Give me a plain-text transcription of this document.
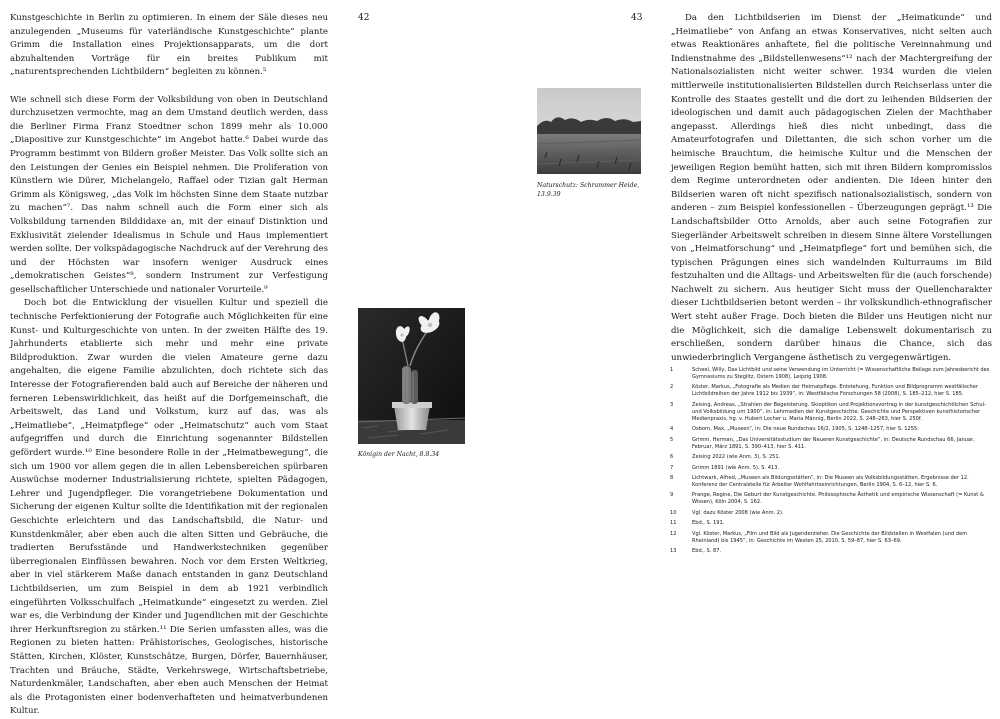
Kunstgeschichte in Berlin zu optimieren. In einem der Säle dieses neu anzulegenden „Museums für vaterländische Kunstgeschichte“ plante Grimm die Installation eines Projektionsapparats, um die dort abzuhaltenden Vorträge für ein breites Publikum mit „naturentsprechenden Lichtbildern“ begleiten zu können.⁵

Wie schnell sich diese Form der Volksbildung von oben in Deutschland durchzusetzen vermochte, mag an dem Umstand deutlich werden, dass die Berliner Firma Franz Stoedtner schon 1899 mehr als 10.000 „Diapositive zur Kunstgeschichte“ im Angebot hatte.⁶ Dabei wurde das Programm bestimmt von Bildern großer Meister. Das Volk sollte sich an den Leistungen der Genies ein Beispiel nehmen. Die Proliferation von Künstlern wie Dürer, Michelangelo, Raffael oder Tizian galt Herman Grimm als Königsweg, „das Volk im höchsten Sinne dem Staate nutzbar zu machen“⁷. Das nahm schnell auch die Form einer sich als Volksbildung tarnenden Bilddidaxe an, mit der einauf Distinktion und Exklusivität zielender Idealismus in Schule und Haus implementiert werden sollte. Der volkspädagogische Nachdruck auf der Verehrung des und der Höchsten war insofern weniger Ausdruck eines „demokratischen Geistes“⁸, sondern Instrument zur Verfestigung gesellschaftlicher Unterschiede und nationaler Vorurteile.⁹

Doch bot die Entwicklung der visuellen Kultur und speziell die technische Perfektionierung der Fotografie auch Möglichkeiten für eine Kunst- und Kulturgeschichte von unten. In der zweiten Hälfte des 19. Jahrhunderts etablierte sich mehr und mehr eine private Bildproduktion. Zwar wurden die vielen Amateure gerne dazu angehalten, die eigene Familie abzulichten, doch richtete sich das Interesse der Fotografierenden bald auch auf Bereiche der näheren und ferneren Lebenswirklichkeit, das heißt auf die Dorfgemeinschaft, die Arbeitswelt, das Land und Volkstum, kurz auf das, was als „Heimatliebe“, „Heimatpflege“ oder „Heimatschutz“ auch vom Staat aufgegriffen und durch die Einrichtung sogenannter Bildstellen gefördert wurde.¹⁰ Eine besondere Rolle in der „Heimatbewegung“, die sich um 1900 vor allem gegen die in allen Lebensbereichen spürbaren Auswüchse moderner Industrialisierung richtete, spielten Pädagogen, Lehrer und Jugendpfleger. Die vorangetriebene Dokumentation und Sicherung der eigenen Kultur sollte die Identifikation mit der regionalen Geschichte erleichtern und das Landschaftsbild, die Natur- und Kunstdenkmäler, aber eben auch die alten Sitten und Gebräuche, die tradierten Berufsstände und Handwerkstechniken gegenüber überregionalen Einflüssen bewahren. Noch vor dem Ersten Weltkrieg, aber in viel stärkerem Maße danach entstanden in ganz Deutschland Lichtbildserien, um zum Beispiel in dem ab 1921 verbindlich eingeführten Volksschulfach „Heimatkunde“ eingesetzt zu werden. Ziel war es, die Verbindung der Kinder und Jugendlichen mit der Geschichte ihrer Herkunftsregion zu stärken.¹¹ Die Serien umfassten alles, was die Regionen zu bieten hatten: Prähistorisches, Geologisches, historische Stätten, Kirchen, Klöster, Kunstschätze, Burgen, Dörfer, Bauernhäuser, Trachten und Bräuche, Städte, Verkehrswege, Wirtschaftsbetriebe, Naturdenkmäler, Landschaften, aber eben auch Menschen der Heimat als die Protagonisten einer bodenverhafteten und heimatverbundenen Kultur.

42
Königin der Nacht, 8.8.34
43
Naturschutz: Schrammer Heide, 13.9.39

Da den Lichtbildserien im Dienst der „Heimatkunde“ und „Heimatliebe“ von Anfang an etwas Konservatives, nicht selten auch etwas Reaktionäres anhaftete, fiel die politische Vereinnahmung und Indienstnahme des „Bildstellenwesens“¹² nach der Machtergreifung der Nationalsozialisten nicht weiter schwer. 1934 wurden die vielen mittlerweile institutionalisierten Bildstellen durch Reichserlass unter die Kontrolle des Staates gestellt und die dort zu leihenden Bildserien der ideologischen und damit auch pädagogischen Zielen der Machthaber angepasst. Allerdings hieß dies nicht unbedingt, dass die Amateurfotografen und Dilettanten, die sich schon vorher um die heimische Brauchtum, die heimische Kultur und die Menschen der jeweiligen Region bemüht hatten, sich mit ihren Bildern kompromisslos dem Regime unterordneten oder andienten. Die Ideen hinter den Bildserien waren oft nicht spezifisch nationalsozialistisch, sondern von anderen – zum Beispiel konfessionellen – Überzeugungen geprägt.¹³ Die Landschaftsbilder Otto Arnolds, aber auch seine Fotografien zur Siegerländer Arbeitswelt schreiben in diesem Sinne ältere Vorstellungen von „Heimatforschung“ und „Heimatpflege“ fort und bemühen sich, die typischen Prägungen eines sich wandelnden Kulturraums im Bild festzuhalten und die Alltags- und Arbeitswelten für die (auch forschende) Nachwelt zu sichern. Aus heutiger Sicht muss der Quellencharakter dieser Lichtbildserien betont werden – ihr volkskundlich-ethnografischer Wert steht außer Frage. Doch bieten die Bilder uns Heutigen nicht nur die Möglichkeit, sich die damalige Lebenswelt dokumentarisch zu erschließen, sondern darüber hinaus die Chance, sich das unwiederbringlich Vergangene ästhetisch zu vergegenwärtigen.

1	Scheel, Willy, Das Lichtbild und seine Verwendung im Unterricht (= Wissenschaftliche Beilage zum Jahresbericht des Gymnasiums zu Steglitz, Ostern 1908), Leipzig 1908.
2	Köster, Markus, „Fotografie als Medien der Heimatpflege. Entstehung, Funktion und Bildprogramm westfälischer Lichtbildreihen der Jahre 1912 bis 1939“, in: Westfälische Forschungen 58 (2008), S. 185–212, hier S. 185.
3	Zeising, Andreas, „Strahlen der Begeisterung. Skioptikon und Projektionsvortrag in der kunstgeschichtlichen Schul- und Volksbildung um 1900“, in: Lehrmedien der Kunstgeschichte. Geschichte und Perspektiven kunsthistorischer Medienpraxis, hg. v. Hubert Locher u. Maria Männig, Berlin 2022, S. 248–263, hier S. 250f.
4	Osborn, Max, „Museen“, in: Die neue Rundschau 16/2, 1905, S. 1248–1257, hier S. 1255.
5	Grimm, Herman, „Das Universitätsstudium der Neueren Kunstgeschichte“, in: Deutsche Rundschau 66, Januar, Februar, März 1891, S. 390–413, hier S. 411.
6	Zeising 2022 (wie Anm. 3), S. 251.
7	Grimm 1891 (wie Anm. 5), S. 413.
8	Lichtwark, Alfred, „Museen als Bildungsstätten“, in: Die Museen als Volksbildungsstätten. Ergebnisse der 12. Konferenz der Centralstelle für Arbeiter Wohlfahrtseinrichtungen, Berlin 1904, S. 6–12, hier S. 6.
9	Prange, Regine, Die Geburt der Kunstgeschichte. Philosophische Ästhetik und empirische Wissenschaft (= Kunst & Wissen), Köln 2004, S. 162.
10	Vgl. dazu Köster 2008 (wie Anm. 2).
11	Ebd., S. 191.
12	Vgl. Köster, Markus, „Film und Bild als Jugenderzieher. Die Geschichte der Bildstellen in Westfalen (und dem Rheinland) bis 1945“, in: Geschichte im Westen 25, 2010, S. 59–87, hier S. 63–69.
13	Ebd., S. 87.
